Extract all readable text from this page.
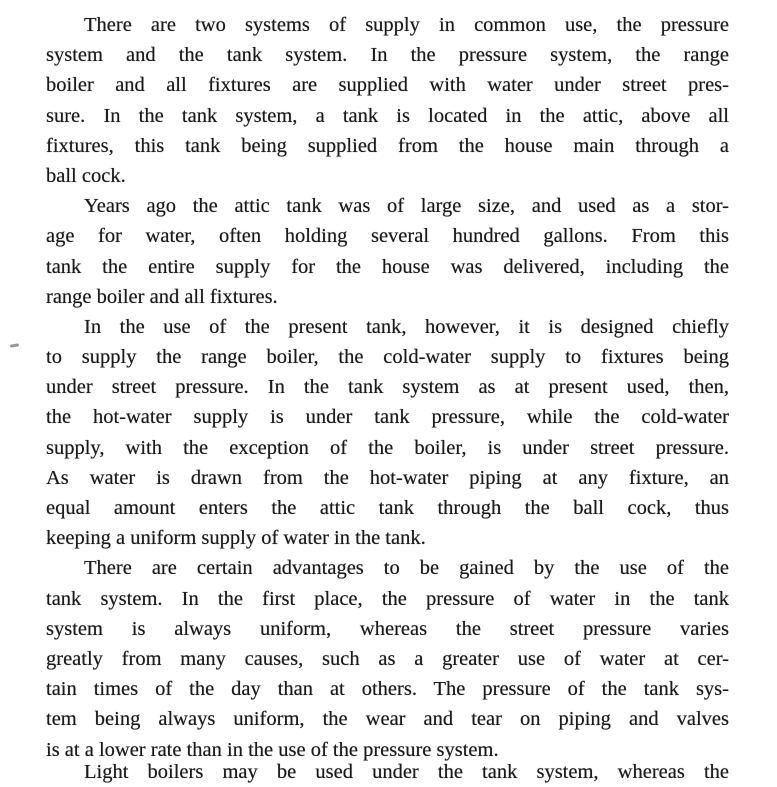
There are two systems of supply in common use, the pressure
system and the tank system. In the pressure system, the range
boiler and all fixtures are supplied with water under street pres-
sure. In the tank system, a tank is located in the attic, above all
fixtures, this tank being supplied from the house main through a
ball cock.
Years ago the attic tank was of large size, and used as a stor-
age for water, often holding several hundred gallons. From this
tank the entire supply for the house was delivered, including the
range boiler and all fixtures.
In the use of the present tank, however, it is designed chiefly
to supply the range boiler, the cold-water supply to fixtures being
under street pressure. In the tank system as at present used, then,
the hot-water supply is under tank pressure, while the cold-water
supply, with the exception of the boiler, is under street pressure.
As water is drawn from the hot-water piping at any fixture, an
equal amount enters the attic tank through the ball cock, thus
keeping a uniform supply of water in the tank.
There are certain advantages to be gained by the use of the
tank system. In the first place, the pressure of water in the tank
system is always uniform, whereas the street pressure varies
greatly from many causes, such as a greater use of water at cer-
tain times of the day than at others. The pressure of the tank sys-
tem being always uniform, the wear and tear on piping and valves
is at a lower rate than in the use of the pressure system.
Light boilers may be used under the tank system, whereas the
